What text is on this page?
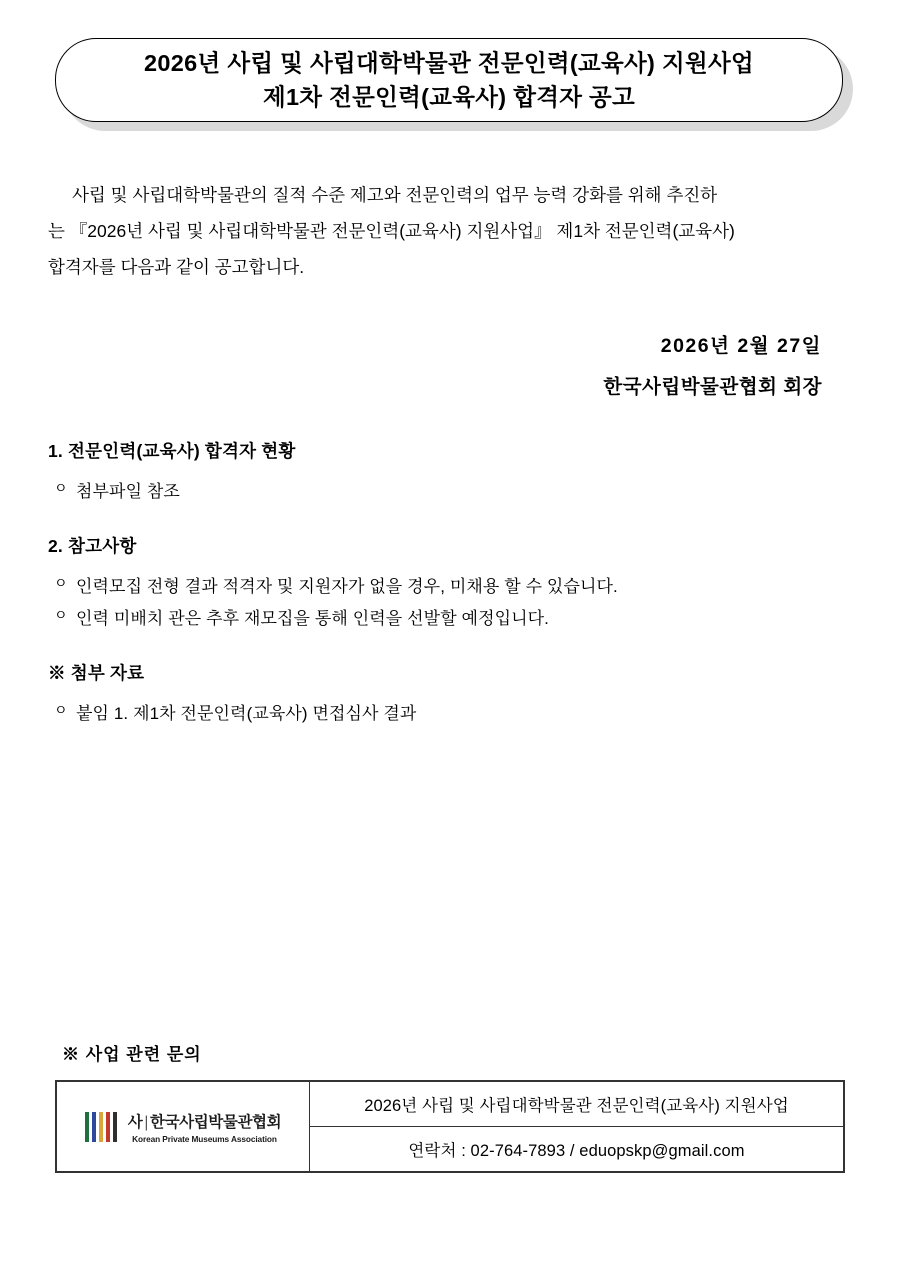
2026년 사립 및 사립대학박물관 전문인력(교육사) 지원사업
제1차 전문인력(교육사) 합격자 공고

사립 및 사립대학박물관의 질적 수준 제고와 전문인력의 업무 능력 강화를 위해 추진하

는 『2026년 사립 및 사립대학박물관 전문인력(교육사) 지원사업』 제1차 전문인력(교육사)

합격자를 다음과 같이 공고합니다.

2026년 2월 27일
한국사립박물관협회 회장
1. 전문인력(교육사) 합격자 현황
ㅇ 첨부파일 참조
2. 참고사항
ㅇ 인력모집 전형 결과 적격자 및 지원자가 없을 경우, 미채용 할 수 있습니다.
ㅇ 인력 미배치 관은 추후 재모집을 통해 인력을 선발할 예정입니다.
※ 첨부 자료
ㅇ 붙임 1. 제1차 전문인력(교육사) 면접심사 결과
※ 사업 관련 문의
사 | 한국사립박물관협회
Korean Private Museums Association
	2026년 사립 및 사립대학박물관 전문인력(교육사) 지원사업
연락처 : 02-764-7893 / eduopskp@gmail.com
